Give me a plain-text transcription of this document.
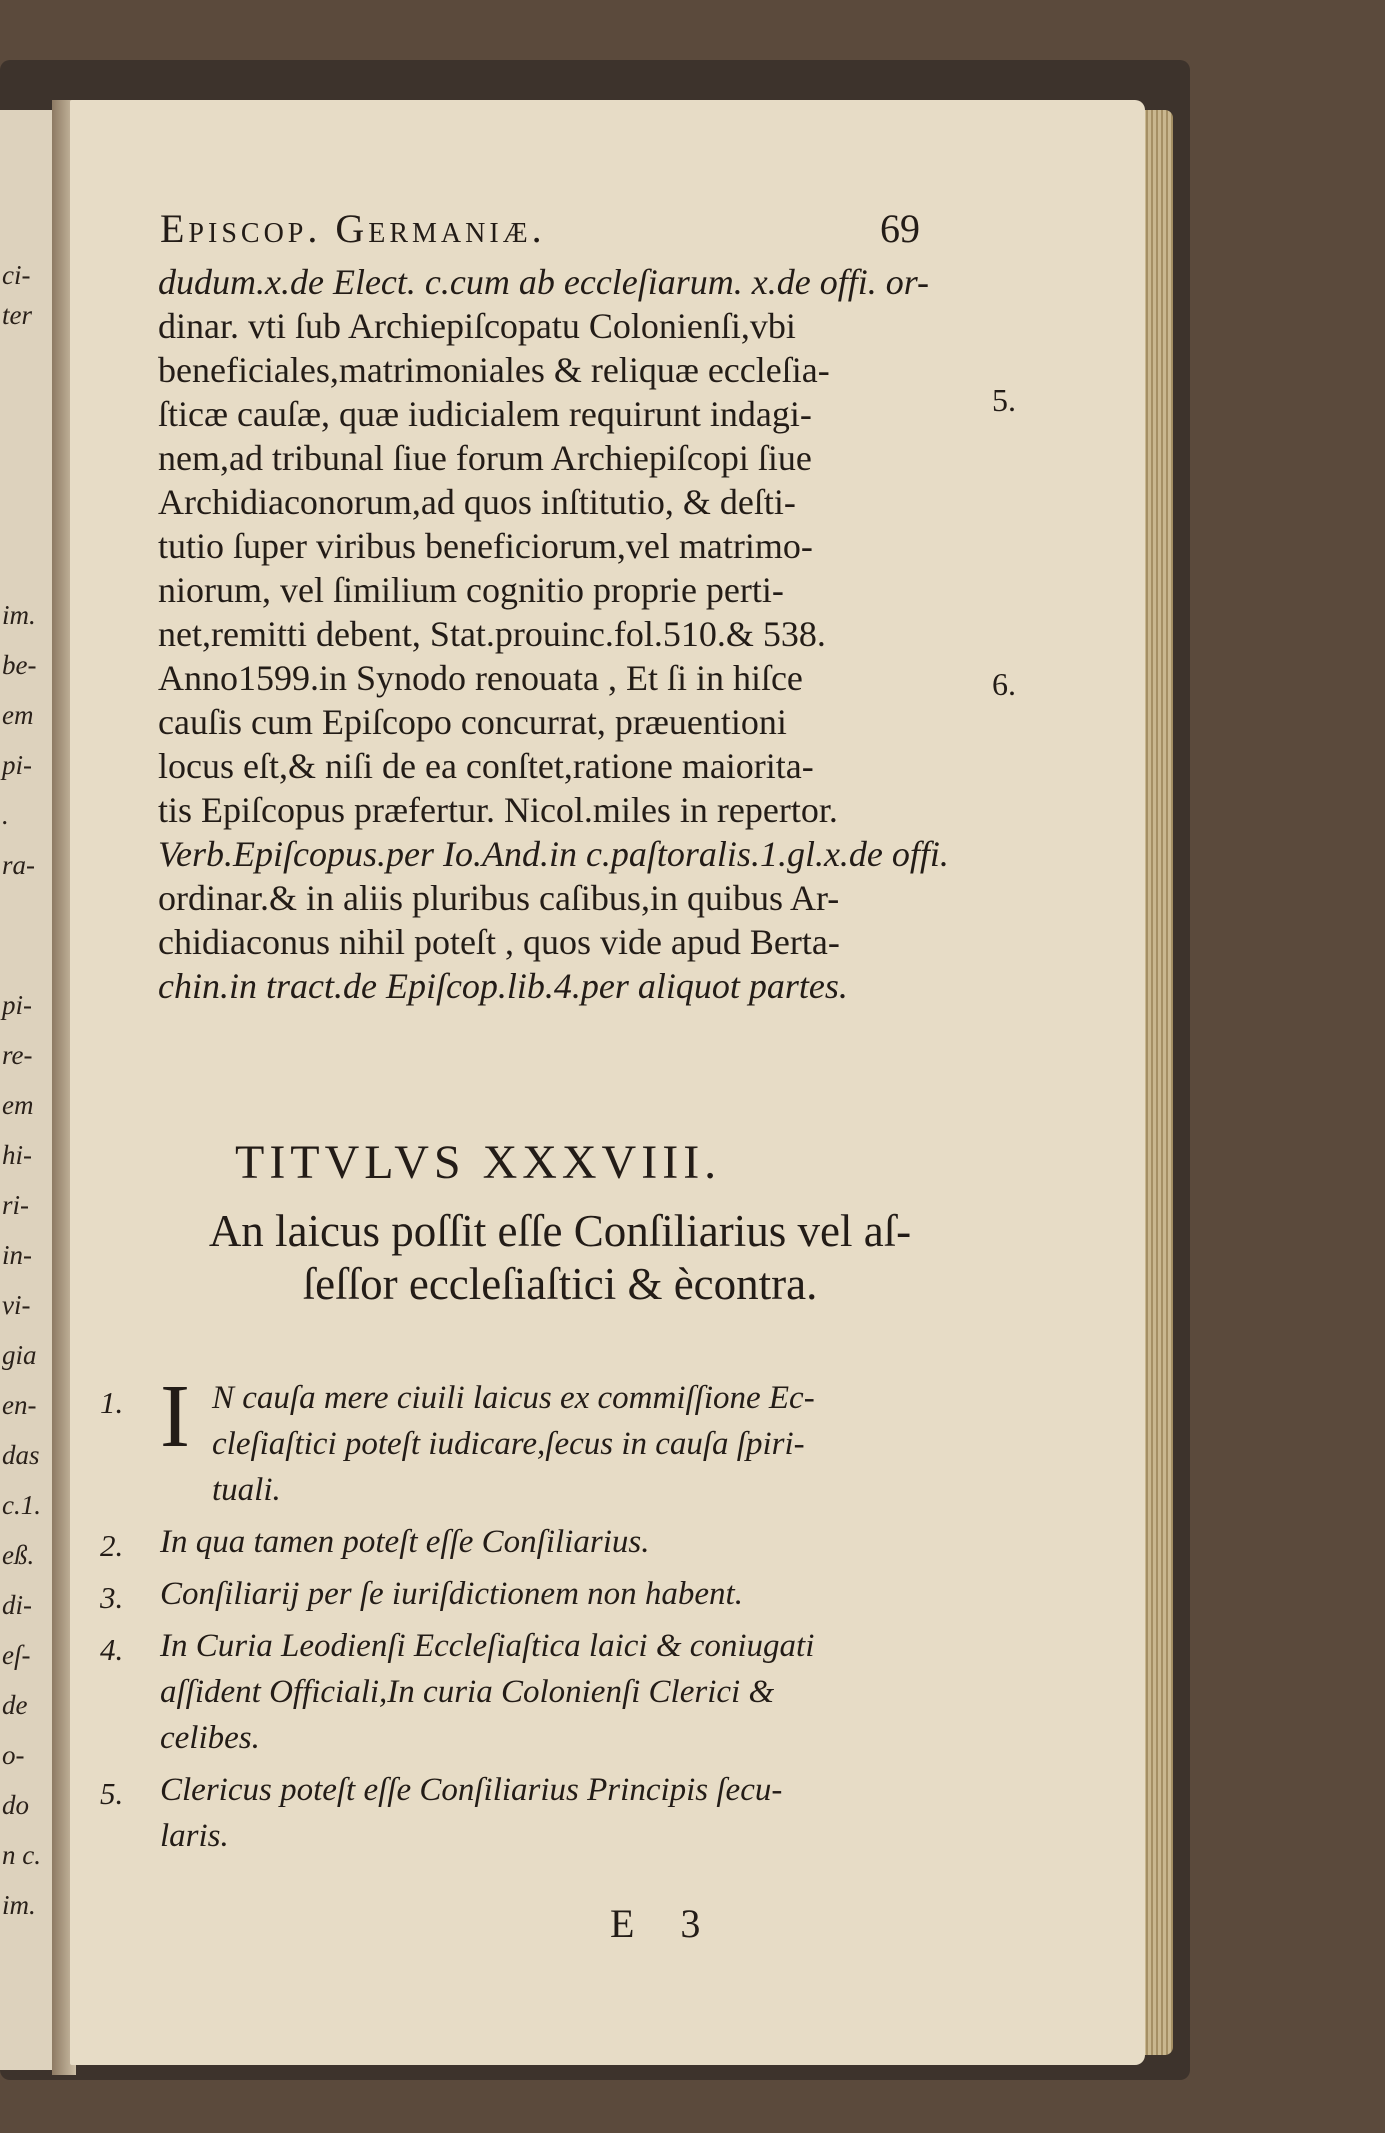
ci-
ter
im.
be-
em
pi-
.
ra-
pi-
re-
em
hi-
ri-
in-
vi-
gia
en-
das
c.1.
eß.
di-
eſ-
de
o-
do
n c.
im.
Episcop. Germaniæ.	69
dudum.x.de Elect. c.cum ab eccleſiarum. x.de offi. or-
dinar. vti ſub Archiepiſcopatu Colonienſi,vbi
beneficiales,matrimoniales & reliquæ eccleſia-
ſticæ cauſæ, quæ iudicialem requirunt indagi-
nem,ad tribunal ſiue forum Archiepiſcopi ſiue
Archidiaconorum,ad quos inſtitutio, & deſti-
tutio ſuper viribus beneficiorum,vel matrimo-
niorum, vel ſimilium cognitio proprie perti-
net,remitti debent, Stat.prouinc.fol.510.& 538.
Anno1599.in Synodo renouata , Et ſi in hiſce
cauſis cum Epiſcopo concurrat, præuentioni
locus eſt,& niſi de ea conſtet,ratione maiorita-
tis Epiſcopus præfertur. Nicol.miles in repertor.
Verb.Epiſcopus.per Io.And.in c.paſtoralis.1.gl.x.de offi.
ordinar.& in aliis pluribus caſibus,in quibus Ar-
chidiaconus nihil poteſt , quos vide apud Berta-
chin.in tract.de Epiſcop.lib.4.per aliquot partes.
5.
6.
TITVLVS XXXVIII.
An laicus poſſit eſſe Conſiliarius vel aſ-
ſeſſor eccleſiaſtici & ècontra.
I
1.	N cauſa mere ciuili laicus ex commiſſione Ec-
cleſiaſtici poteſt iudicare,ſecus in cauſa ſpiri-
tuali.
2. In qua tamen poteſt eſſe Conſiliarius.
3. Conſiliarij per ſe iuriſdictionem non habent.
4. In Curia Leodienſi Eccleſiaſtica laici & coniugati
aſſident Officiali,In curia Colonienſi Clerici &
celibes.
5. Clericus poteſt eſſe Conſiliarius Principis ſecu-
laris.
E 3
